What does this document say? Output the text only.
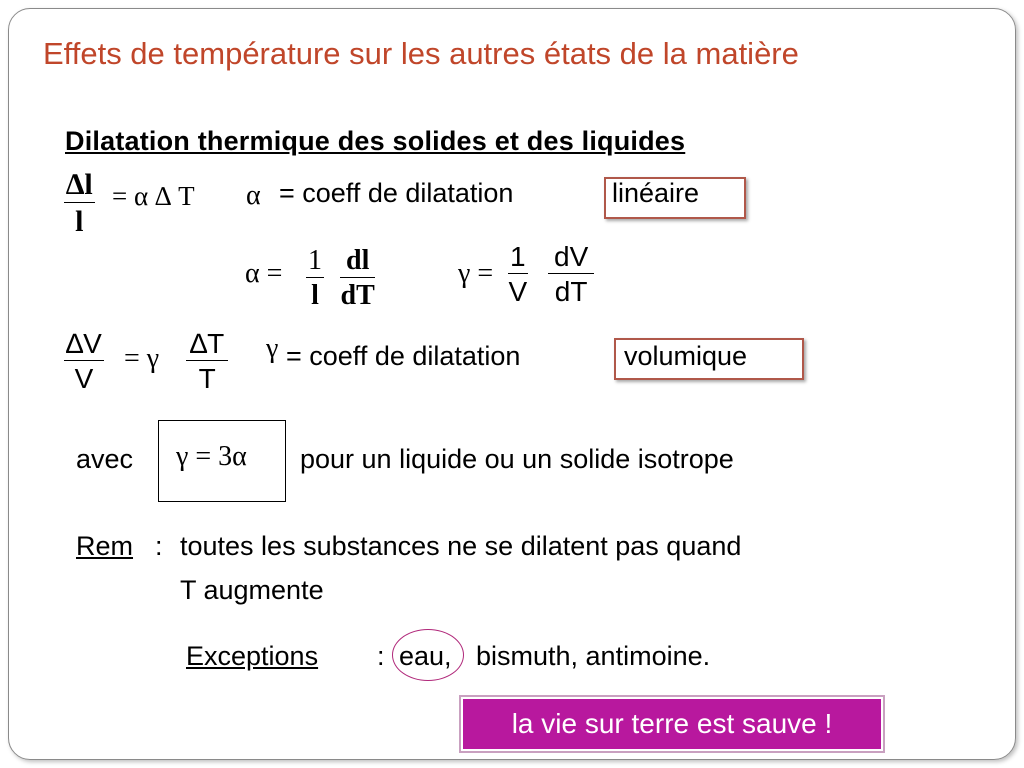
Effets de température sur les autres états de la matière
Dilatation thermique des solides et des liquides
$\frac{\Delta l}{l} = \alpha$ ∆ T α = coeff de dilatation	linéaire
$\alpha = \frac{1}{l} \frac{dl}{dT}$	$\gamma = \frac{1}{V} \frac{dV}{dT}$
$\frac{\Delta V}{V} = \gamma \frac{\Delta T}{T}$ γ = coeff de dilatation	volumique
avec γ = 3α pour un liquide ou un solide isotrope
Rem : toutes les substances ne se dilatent pas quand
T augmente
Exceptions : eau, bismuth, antimoine.
la vie sur terre est sauve !
